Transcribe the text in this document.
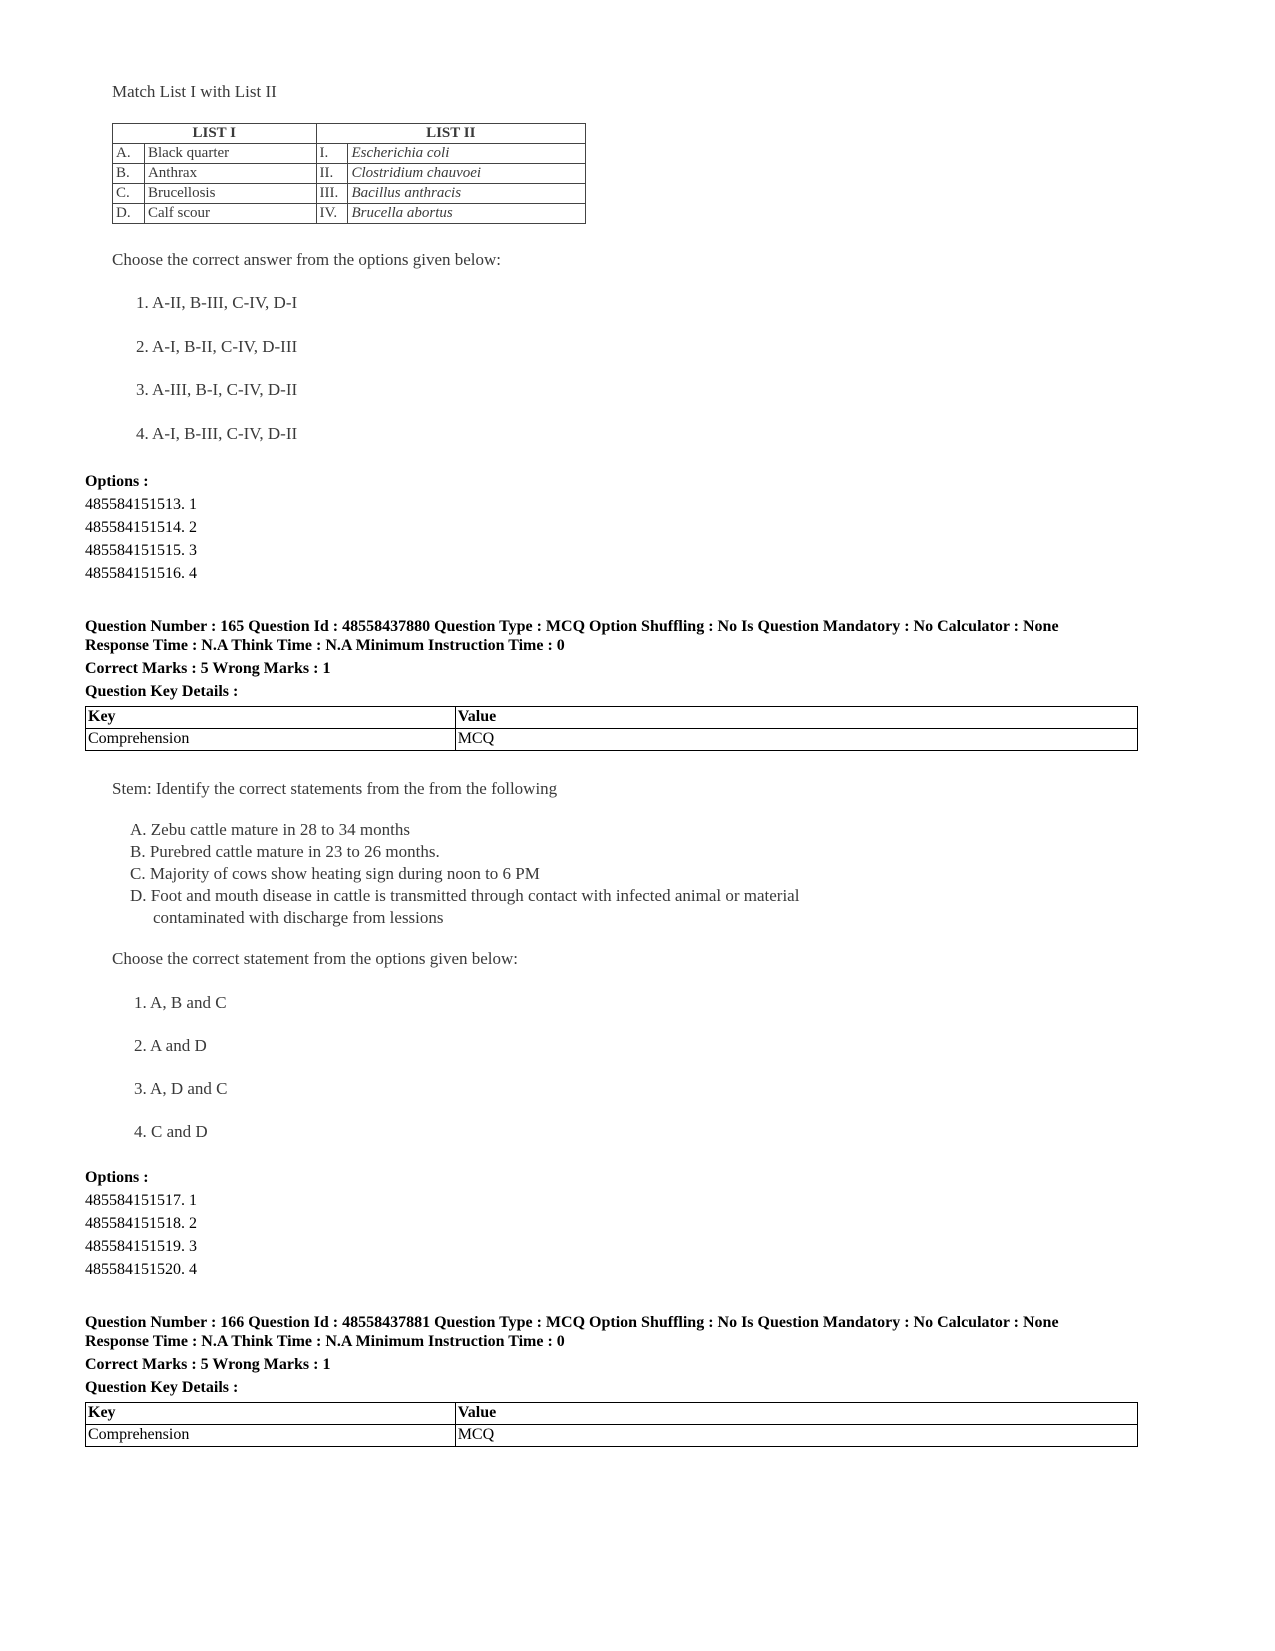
Match List I with List II
LIST I		LIST II	
A.	Black quarter	I.	Escherichia coli
B.	Anthrax	II.	Clostridium chauvoei
C.	Brucellosis	III.	Bacillus anthracis
D.	Calf scour	IV.	Brucella abortus
Choose the correct answer from the options given below:
1. A-II, B-III, C-IV, D-I
2. A-I, B-II, C-IV, D-III
3. A-III, B-I, C-IV, D-II
4. A-I, B-III, C-IV, D-II
Options :
485584151513. 1
485584151514. 2
485584151515. 3
485584151516. 4
Question Number : 165 Question Id : 48558437880 Question Type : MCQ Option Shuffling : No Is Question Mandatory : No Calculator : None
Response Time : N.A Think Time : N.A Minimum Instruction Time : 0
Correct Marks : 5 Wrong Marks : 1
Question Key Details :
Key	Value
Comprehension	MCQ
Stem: Identify the correct statements from the from the following
A. Zebu cattle mature in 28 to 34 months
B. Purebred cattle mature in 23 to 26 months.
C. Majority of cows show heating sign during noon to 6 PM
D. Foot and mouth disease in cattle is transmitted through contact with infected animal or material
contaminated with discharge from lessions
Choose the correct statement from the options given below:
1. A, B and C
2. A and D
3. A, D and C
4. C and D
Options :
485584151517. 1
485584151518. 2
485584151519. 3
485584151520. 4
Question Number : 166 Question Id : 48558437881 Question Type : MCQ Option Shuffling : No Is Question Mandatory : No Calculator : None
Response Time : N.A Think Time : N.A Minimum Instruction Time : 0
Correct Marks : 5 Wrong Marks : 1
Question Key Details :
Key	Value
Comprehension	MCQ
